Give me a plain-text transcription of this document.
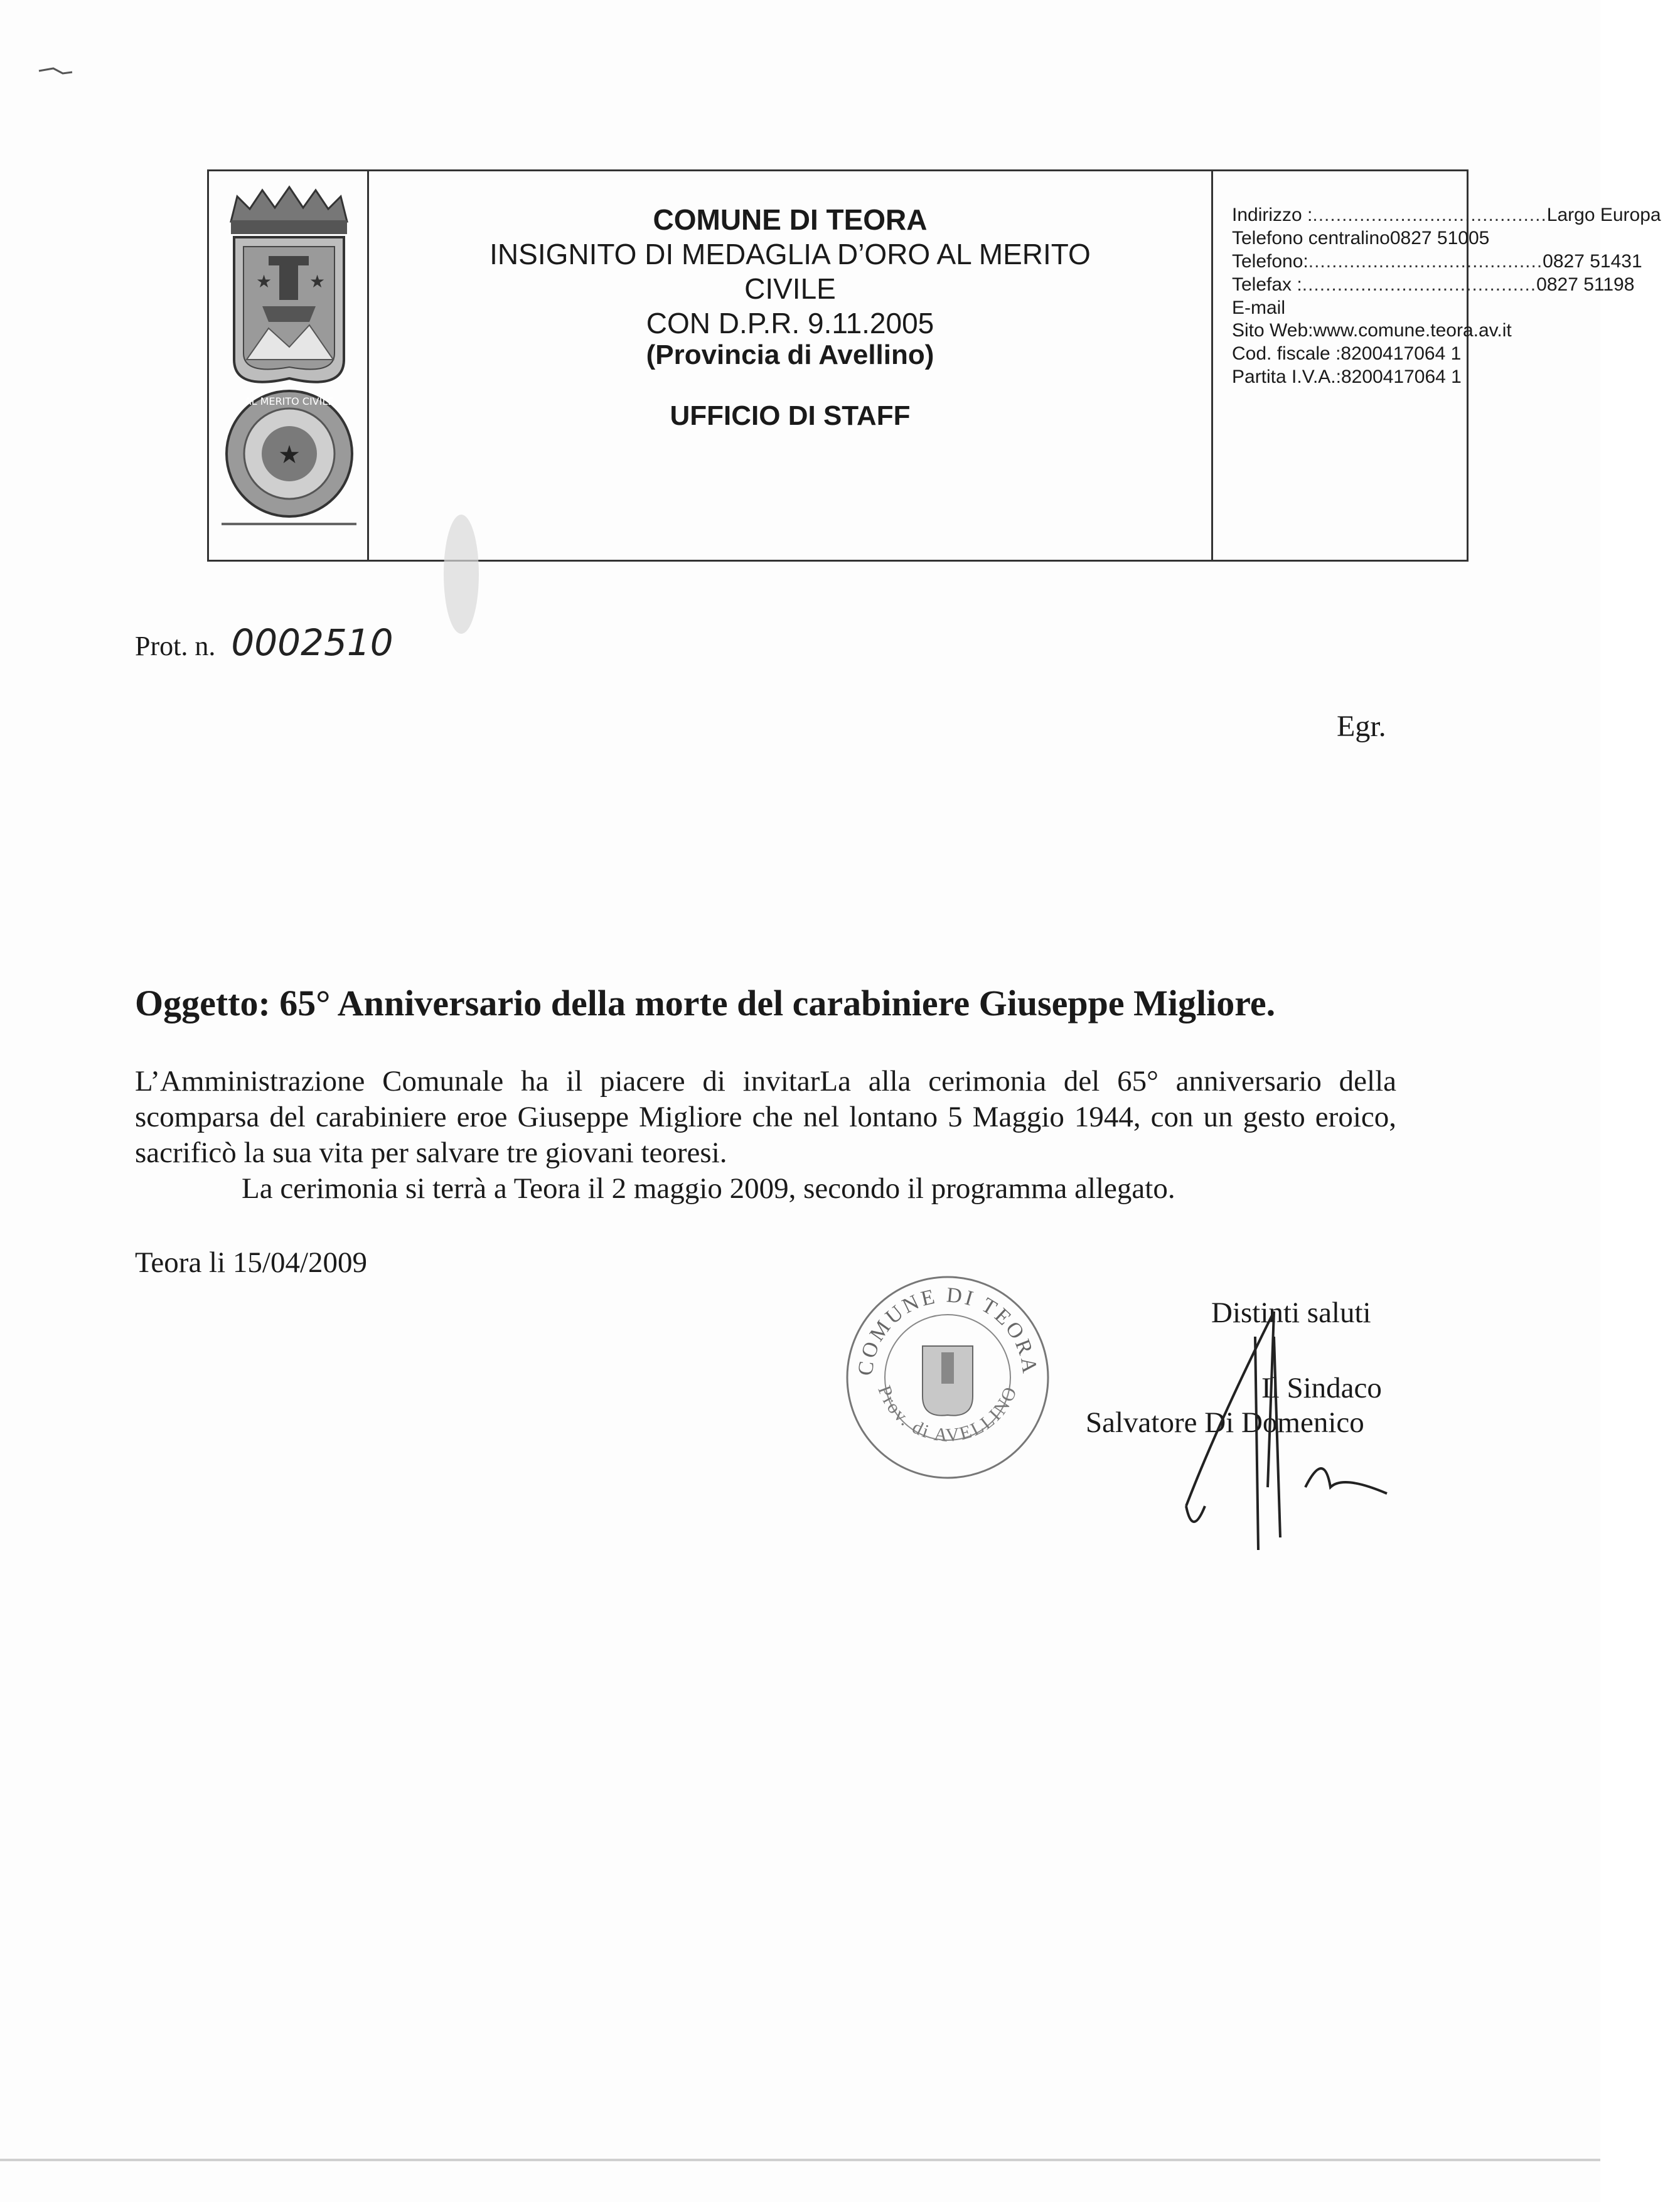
★ ★
★
AL MERITO CIVILE
COMUNE DI TEORA
INSIGNITO DI MEDAGLIA D’ORO AL MERITO
CIVILE
CON D.P.R. 9.11.2005
(Provincia di Avellino)
UFFICIO DI STAFF
Indirizzo : ........................................ Largo Europa
Telefono centralino 0827 51005
Telefono: ........................................ 0827 51431
Telefax : ........................................ 0827 51198
E-mail
Sito Web: www.comune.teora.av.it
Cod. fiscale : 8200417064 1
Partita I.V.A.: 8200417064 1
Prot. n. 0002510
Egr.
Oggetto: 65° Anniversario della morte del carabiniere Giuseppe Migliore.

L’Amministrazione Comunale ha il piacere di invitarLa alla cerimonia del 65° anniversario della scomparsa del carabiniere eroe Giuseppe Migliore che nel lontano 5 Maggio 1944, con un gesto eroico, sacrificò la sua vita per salvare tre giovani teoresi.

La cerimonia si terrà a Teora il 2 maggio 2009, secondo il programma allegato.

Teora li 15/04/2009
COMUNE DI TEORA
Prov. di AVELLINO
Distinti saluti
Il Sindaco
Salvatore Di Domenico
